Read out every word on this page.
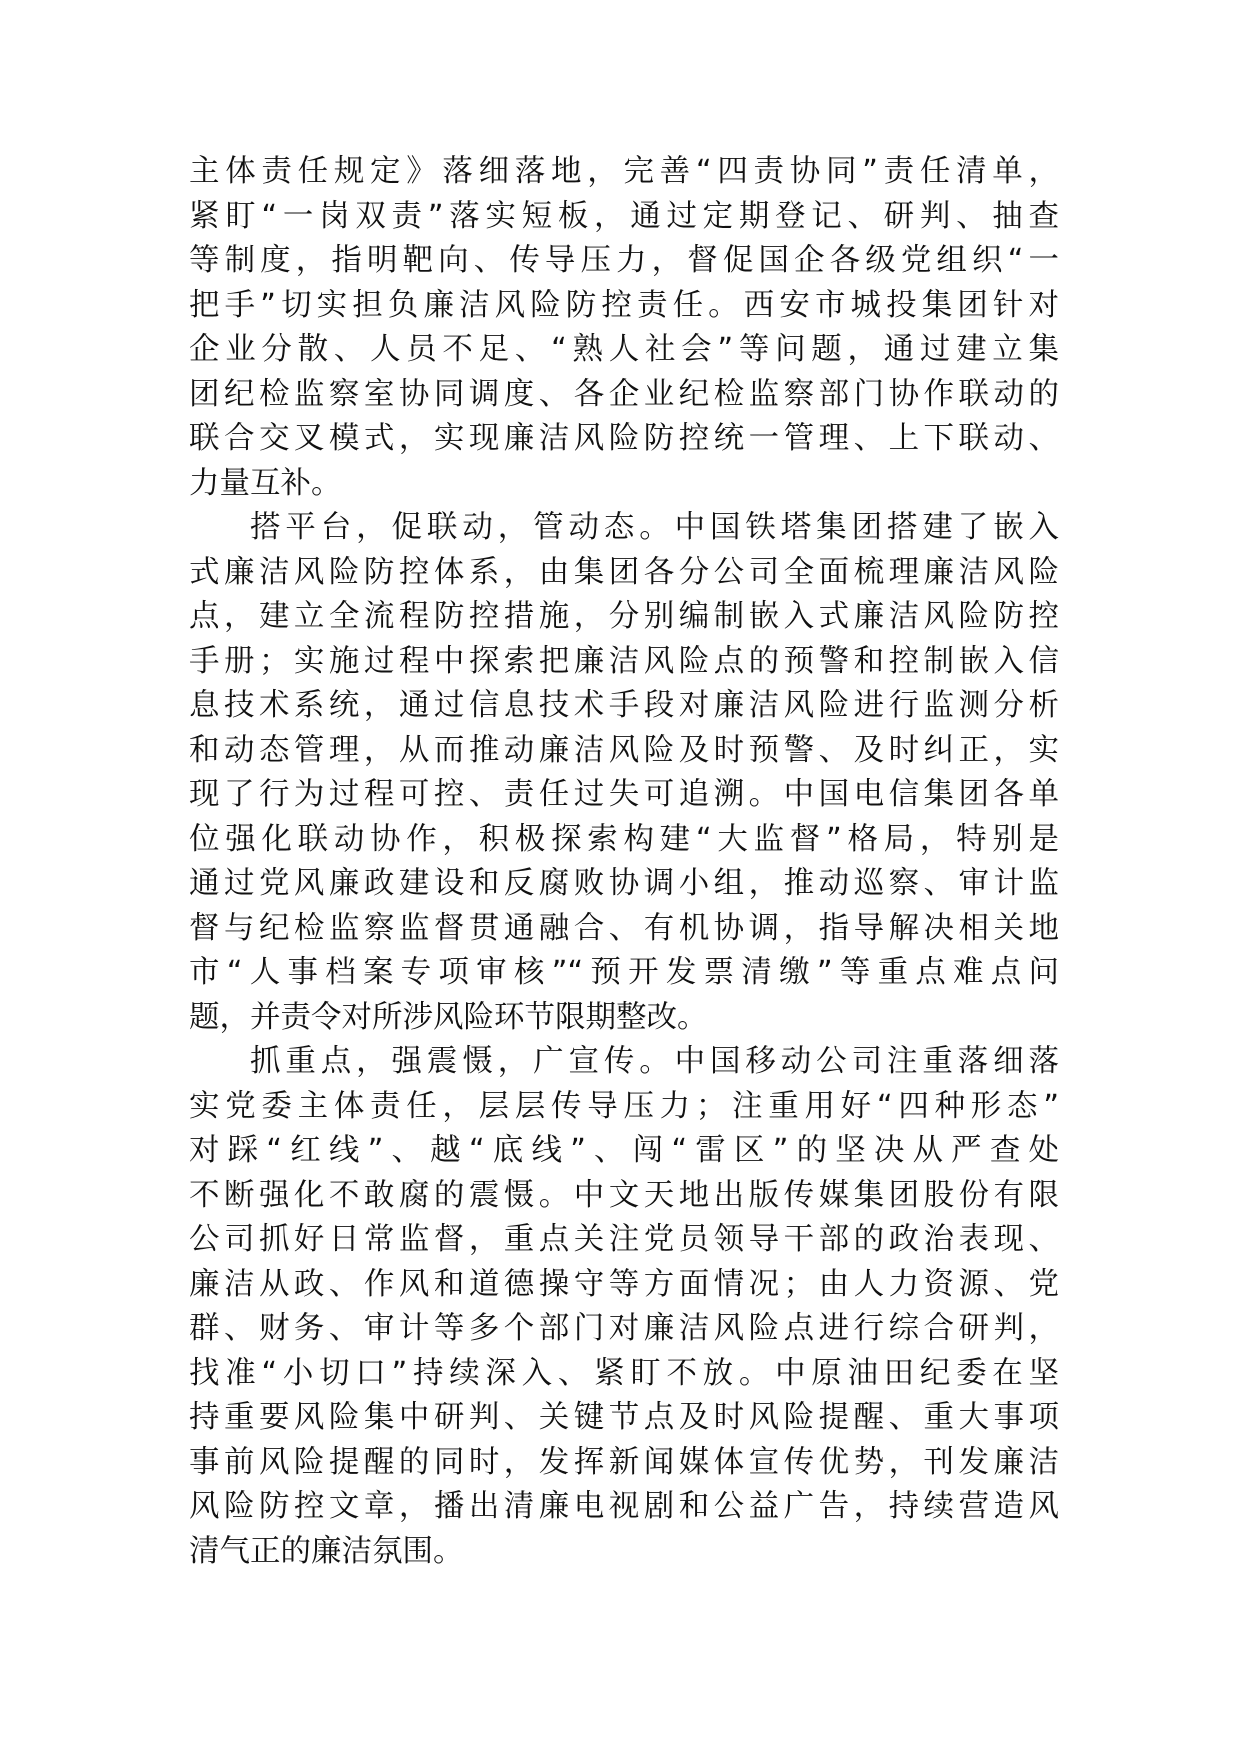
主体责任规定》落细落地，完善“四责协同”责任清单，
紧盯“一岗双责”落实短板，通过定期登记、研判、抽查
等制度，指明靶向、传导压力，督促国企各级党组织“一
把手”切实担负廉洁风险防控责任。西安市城投集团针对
企业分散、人员不足、“熟人社会”等问题，通过建立集
团纪检监察室协同调度、各企业纪检监察部门协作联动的
联合交叉模式，实现廉洁风险防控统一管理、上下联动、
力量互补。
搭平台，促联动，管动态。中国铁塔集团搭建了嵌入
式廉洁风险防控体系，由集团各分公司全面梳理廉洁风险
点，建立全流程防控措施，分别编制嵌入式廉洁风险防控
手册；实施过程中探索把廉洁风险点的预警和控制嵌入信
息技术系统，通过信息技术手段对廉洁风险进行监测分析
和动态管理，从而推动廉洁风险及时预警、及时纠正，实
现了行为过程可控、责任过失可追溯。中国电信集团各单
位强化联动协作，积极探索构建“大监督”格局，特别是
通过党风廉政建设和反腐败协调小组，推动巡察、审计监
督与纪检监察监督贯通融合、有机协调，指导解决相关地
市“人事档案专项审核”“预开发票清缴”等重点难点问
题，并责令对所涉风险环节限期整改。
抓重点，强震慑，广宣传。中国移动公司注重落细落
实党委主体责任，层层传导压力；注重用好“四种形态”
对踩“红线”、越“底线”、闯“雷区”的坚决从严查处
不断强化不敢腐的震慑。中文天地出版传媒集团股份有限
公司抓好日常监督，重点关注党员领导干部的政治表现、
廉洁从政、作风和道德操守等方面情况；由人力资源、党
群、财务、审计等多个部门对廉洁风险点进行综合研判，
找准“小切口”持续深入、紧盯不放。中原油田纪委在坚
持重要风险集中研判、关键节点及时风险提醒、重大事项
事前风险提醒的同时，发挥新闻媒体宣传优势，刊发廉洁
风险防控文章，播出清廉电视剧和公益广告，持续营造风
清气正的廉洁氛围。
